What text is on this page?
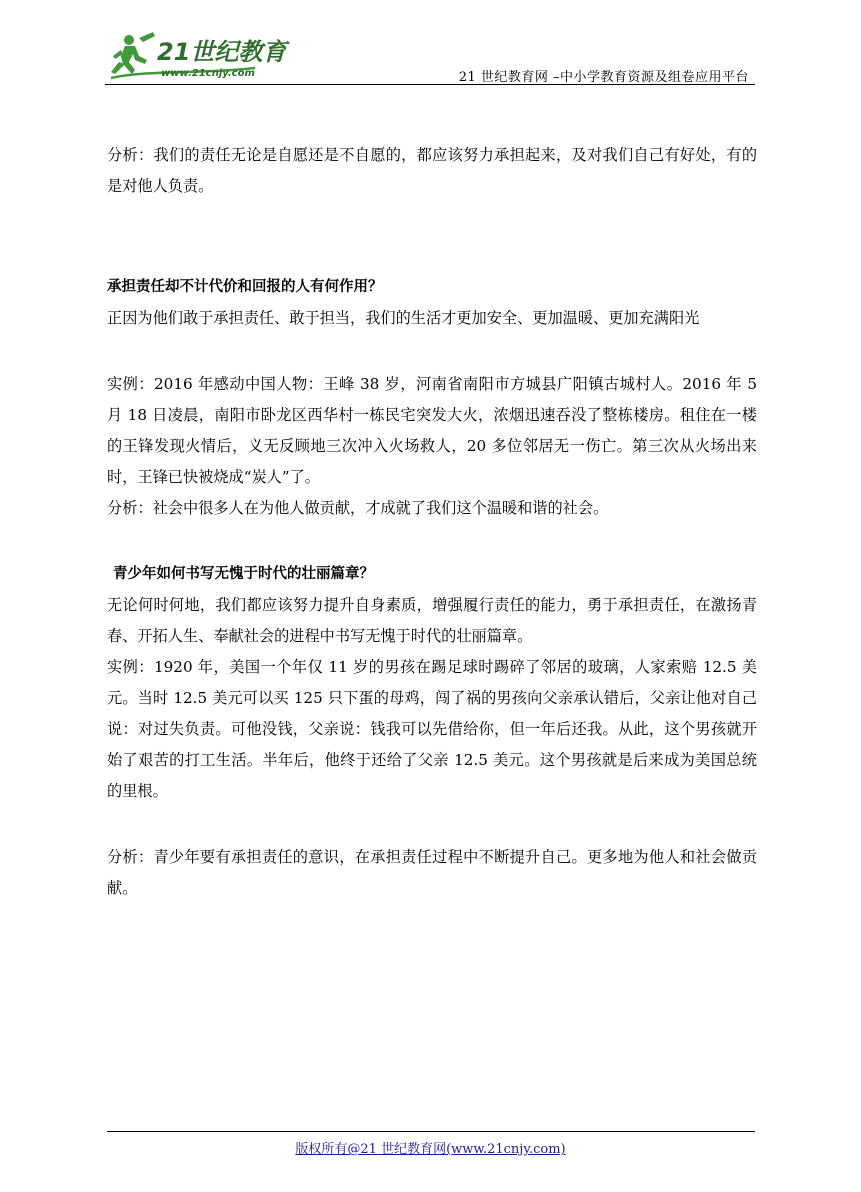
21世纪教育
www.21cnjy.com	21 世纪教育网 –中小学教育资源及组卷应用平台

分析：我们的责任无论是自愿还是不自愿的，都应该努力承担起来，及对我们自己有好处，有的是对他人负责。

承担责任却不计代价和回报的人有何作用？

正因为他们敢于承担责任、敢于担当，我们的生活才更加安全、更加温暖、更加充满阳光

实例：2016 年感动中国人物：王峰 38 岁，河南省南阳市方城县广阳镇古城村人。2016 年 5 月 18 日凌晨，南阳市卧龙区西华村一栋民宅突发大火，浓烟迅速吞没了整栋楼房。租住在一楼的王锋发现火情后，义无反顾地三次冲入火场救人，20 多位邻居无一伤亡。第三次从火场出来时，王锋已快被烧成“炭人”了。

分析：社会中很多人在为他人做贡献，才成就了我们这个温暖和谐的社会。

青少年如何书写无愧于时代的壮丽篇章？

无论何时何地，我们都应该努力提升自身素质，增强履行责任的能力，勇于承担责任，在激扬青春、开拓人生、奉献社会的进程中书写无愧于时代的壮丽篇章。

实例：1920 年，美国一个年仅 11 岁的男孩在踢足球时踢碎了邻居的玻璃，人家索赔 12.5 美元。当时 12.5 美元可以买 125 只下蛋的母鸡，闯了祸的男孩向父亲承认错后，父亲让他对自己说：对过失负责。可他没钱，父亲说：钱我可以先借给你，但一年后还我。从此，这个男孩就开始了艰苦的打工生活。半年后，他终于还给了父亲 12.5 美元。这个男孩就是后来成为美国总统的里根。

分析：青少年要有承担责任的意识，在承担责任过程中不断提升自己。更多地为他人和社会做贡献。

版权所有@21 世纪教育网(www.21cnjy.com)
